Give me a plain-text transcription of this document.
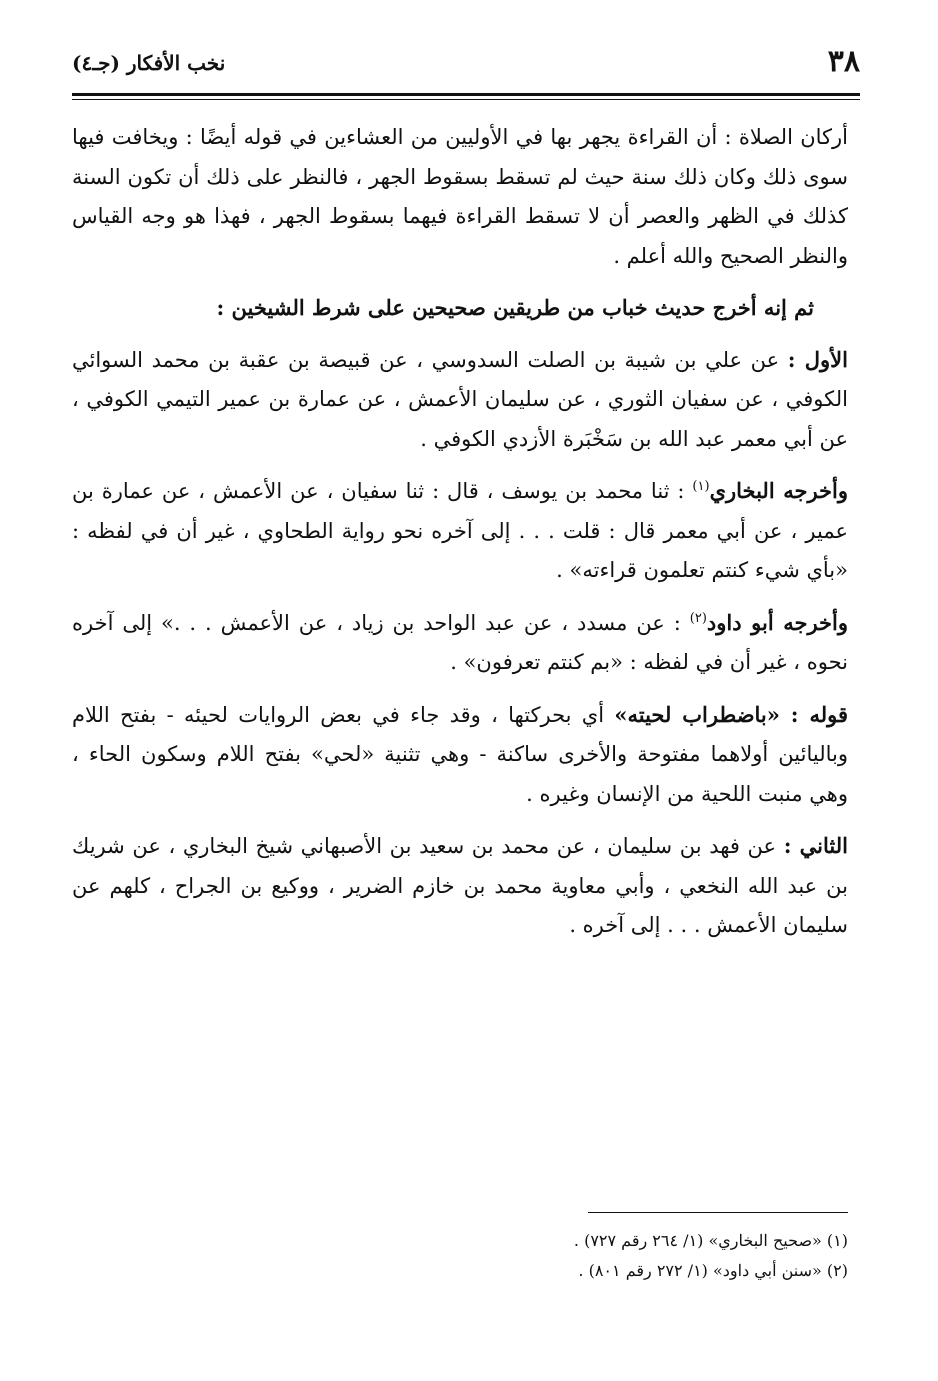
٣٨
نخب الأفكار (جـ٤)

أركان الصلاة : أن القراءة يجهر بها في الأوليين من العشاءين في قوله أيضًا : ويخافت فيها سوى ذلك وكان ذلك سنة حيث لم تسقط بسقوط الجهر ، فالنظر على ذلك أن تكون السنة كذلك في الظهر والعصر أن لا تسقط القراءة فيهما بسقوط الجهر ، فهذا هو وجه القياس والنظر الصحيح والله أعلم .

ثم إنه أخرج حديث خباب من طريقين صحيحين على شرط الشيخين :

الأول : عن علي بن شيبة بن الصلت السدوسي ، عن قبيصة بن عقبة بن محمد السوائي الكوفي ، عن سفيان الثوري ، عن سليمان الأعمش ، عن عمارة بن عمير التيمي الكوفي ، عن أبي معمر عبد الله بن سَخْبَرة الأزدي الكوفي .

وأخرجه البخاري$^{(١)}$ : ثنا محمد بن يوسف ، قال : ثنا سفيان ، عن الأعمش ، عن عمارة بن عمير ، عن أبي معمر قال : قلت . . . إلى آخره نحو رواية الطحاوي ، غير أن في لفظه : «بأي شيء كنتم تعلمون قراءته» .

وأخرجه أبو داود$^{(٢)}$ : عن مسدد ، عن عبد الواحد بن زياد ، عن الأعمش . . .» إلى آخره نحوه ، غير أن في لفظه : «بم كنتم تعرفون» .

قوله : «باضطراب لحيته» أي بحركتها ، وقد جاء في بعض الروايات لحيئه - بفتح اللام وباليائين أولاهما مفتوحة والأخرى ساكنة - وهي تثنية «لحي» بفتح اللام وسكون الحاء ، وهي منبت اللحية من الإنسان وغيره .

الثاني : عن فهد بن سليمان ، عن محمد بن سعيد بن الأصبهاني شيخ البخاري ، عن شريك بن عبد الله النخعي ، وأبي معاوية محمد بن خازم الضرير ، ووكيع بن الجراح ، كلهم عن سليمان الأعمش . . . إلى آخره .

(١) «صحيح البخاري» (١/ ٢٦٤ رقم ٧٢٧) .
(٢) «سنن أبي داود» (١/ ٢٧٢ رقم ٨٠١) .
